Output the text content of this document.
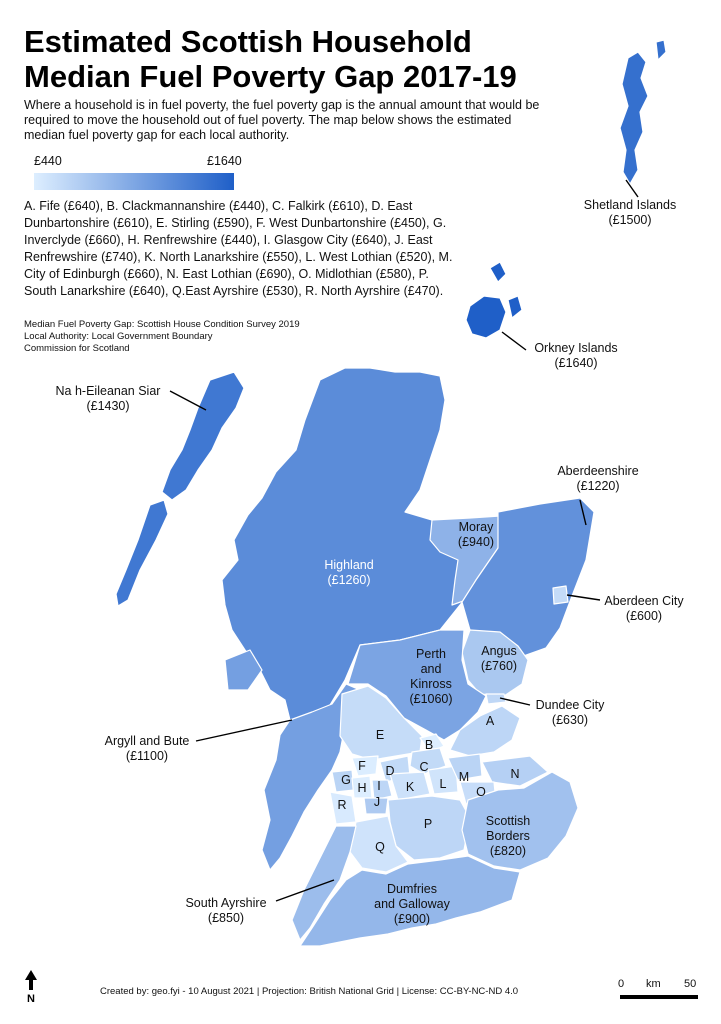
Shetland Islands
(£1500)
Orkney Islands
(£1640)
Na h-Eileanan Siar
(£1430)
Highland
(£1260)
Aberdeenshire
(£1220)
Moray
(£940)
Aberdeen City
(£600)
Angus
(£760)
Perth
and
Kinross
(£1060)	Dundee City
(£630)
Argyll and Bute
(£1100)
Scottish
Borders
(£820)
Dumfries
and Galloway
(£900)
South Ayrshire
(£850)
A
B
C
D
E
F
G
H I
J
K L M	N
O
P
Q
R
Estimated Scottish Household Median Fuel Poverty Gap 2017-19
Where a household is in fuel poverty, the fuel poverty gap is the annual amount that would be required to move the household out of fuel poverty. The map below shows the estimated median fuel poverty gap for each local authority.
£440	£1640
A. Fife (£640), B. Clackmannanshire (£440), C. Falkirk (£610), D. East Dunbartonshire (£610), E. Stirling (£590), F. West Dunbartonshire (£450), G. Inverclyde (£660), H. Renfrewshire (£440), I. Glasgow City (£640), J. East Renfrewshire (£740), K. North Lanarkshire (£550), L. West Lothian (£520), M. City of Edinburgh (£660), N. East Lothian (£690), O. Midlothian (£580), P. South Lanarkshire (£640), Q.East Ayrshire (£530), R. North Ayrshire (£470).
Median Fuel Poverty Gap: Scottish House Condition Survey 2019
Local Authority: Local Government Boundary
Commission for Scotland
N
Created by: geo.fyi - 10 August 2021 | Projection: British National Grid | License: CC-BY-NC-ND 4.0
0 km 50
